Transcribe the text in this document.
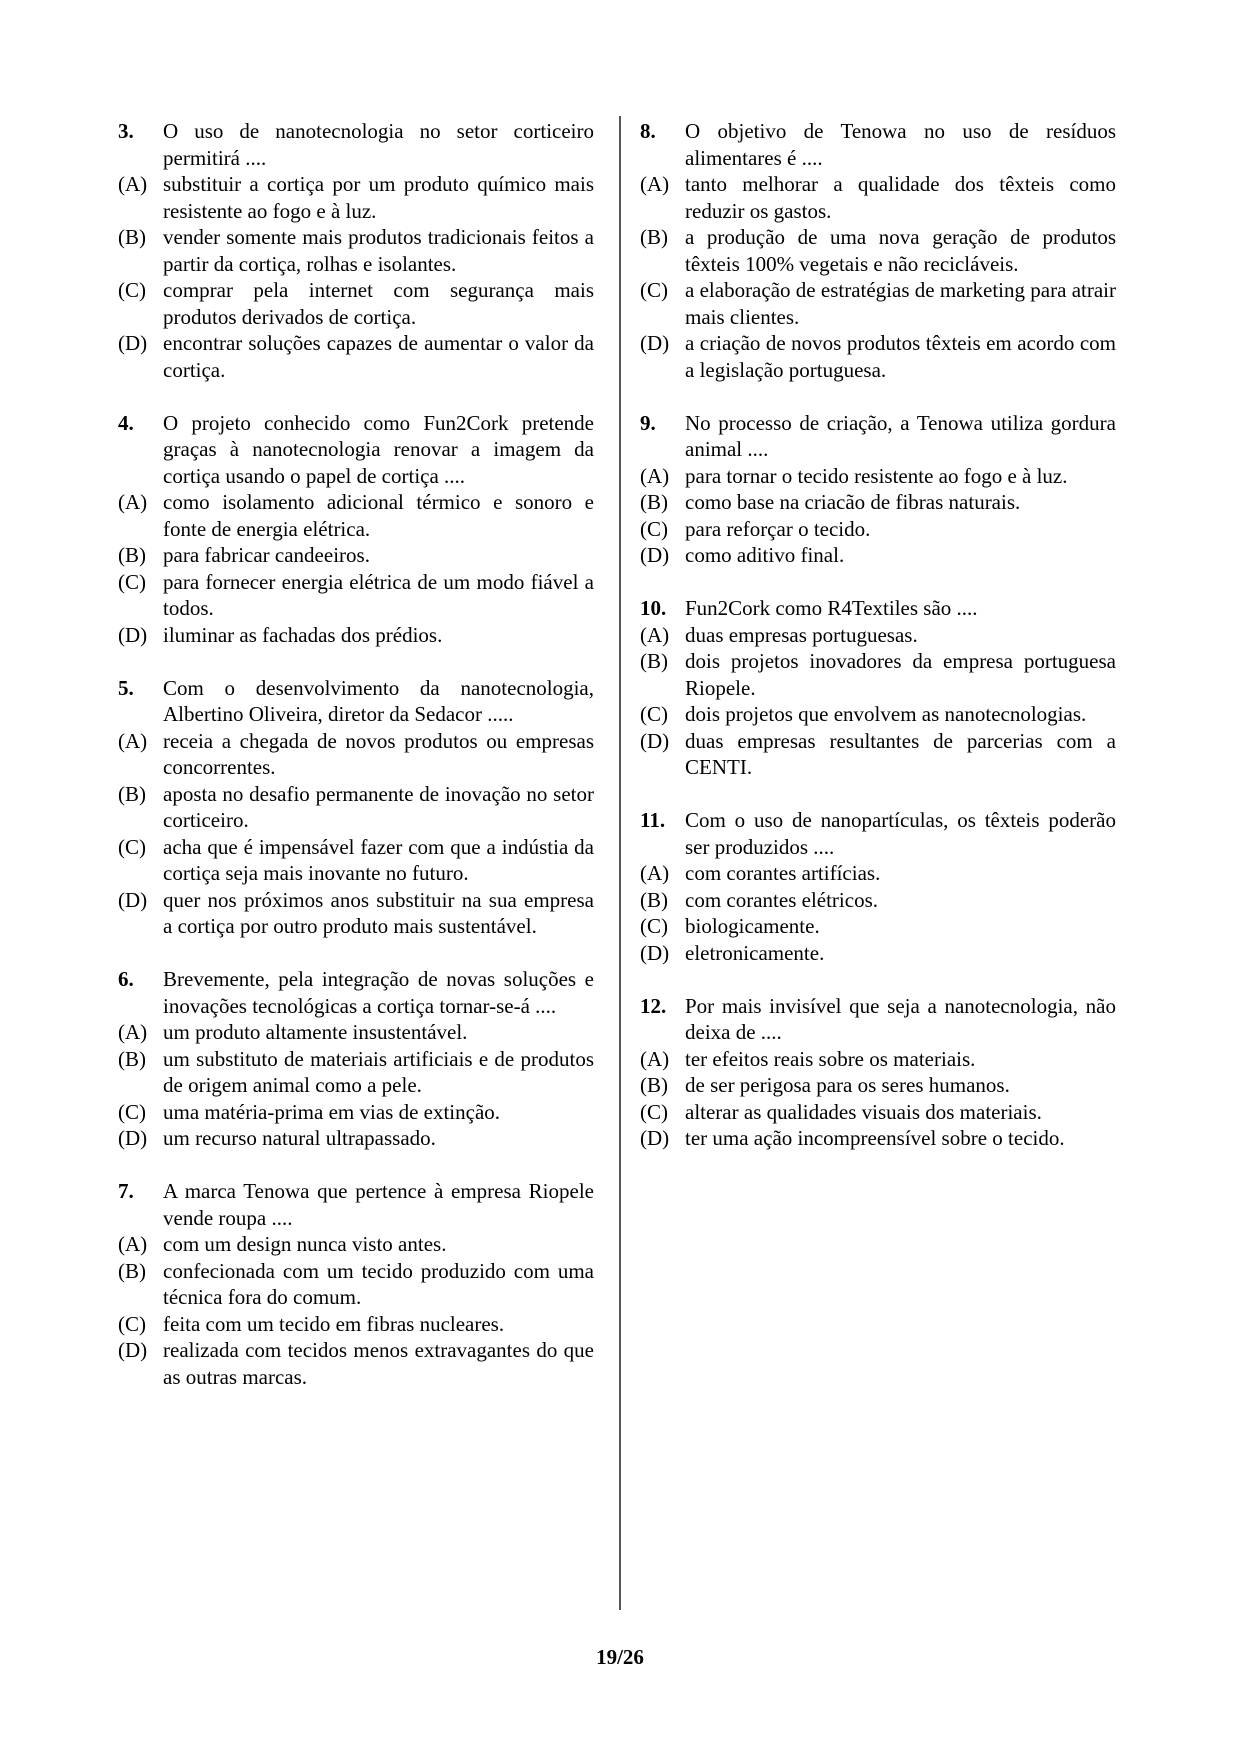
3.	O uso de nanotecnologia no setor corticeiro permitirá ....
(A) substituir a cortiça por um produto químico mais resistente ao fogo e à luz.
(B) vender somente mais produtos tradicionais feitos a partir da cortiça, rolhas e isolantes.
(C) comprar pela internet com segurança mais produtos derivados de cortiça.
(D) encontrar soluções capazes de aumentar o valor da cortiça.
4.	O projeto conhecido como Fun2Cork pretende graças à nanotecnologia renovar a imagem da cortiça usando o papel de cortiça ....
(A) como isolamento adicional térmico e sonoro e fonte de energia elétrica.
(B) para fabricar candeeiros.
(C) para fornecer energia elétrica de um modo fiável a todos.
(D) iluminar as fachadas dos prédios.
5.	Com o desenvolvimento da nanotecnologia, Albertino Oliveira, diretor da Sedacor .....
(A) receia a chegada de novos produtos ou empresas concorrentes.
(B) aposta no desafio permanente de inovação no setor corticeiro.
(C) acha que é impensável fazer com que a indústia da cortiça seja mais inovante no futuro.
(D) quer nos próximos anos substituir na sua empresa a cortiça por outro produto mais sustentável.
6.	Brevemente, pela integração de novas soluções e inovações tecnológicas a cortiça tornar-se-á ....
(A) um produto altamente insustentável.
(B) um substituto de materiais artificiais e de produtos de origem animal como a pele.
(C) uma matéria-prima em vias de extinção.
(D) um recurso natural ultrapassado.
7.	A marca Tenowa que pertence à empresa Riopele vende roupa ....
(A) com um design nunca visto antes.
(B) confecionada com um tecido produzido com uma técnica fora do comum.
(C) feita com um tecido em fibras nucleares.
(D) realizada com tecidos menos extravagantes do que as outras marcas.
8.	O objetivo de Tenowa no uso de resíduos alimentares é ....
(A) tanto melhorar a qualidade dos têxteis como reduzir os gastos.
(B) a produção de uma nova geração de produtos têxteis 100% vegetais e não recicláveis.
(C) a elaboração de estratégias de marketing para atrair mais clientes.
(D) a criação de novos produtos têxteis em acordo com a legislação portuguesa.
9.	No processo de criação, a Tenowa utiliza gordura animal ....
(A) para tornar o tecido resistente ao fogo e à luz.
(B) como base na criacão de fibras naturais.
(C) para reforçar o tecido.
(D) como aditivo final.
10. Fun2Cork como R4Textiles são ....
(A) duas empresas portuguesas.
(B) dois projetos inovadores da empresa portuguesa Riopele.
(C) dois projetos que envolvem as nanotecnologias.
(D) duas empresas resultantes de parcerias com a CENTI.
11. Com o uso de nanopartículas, os têxteis poderão ser produzidos ....
(A) com corantes artifícias.
(B) com corantes elétricos.
(C) biologicamente.
(D) eletronicamente.
12. Por mais invisível que seja a nanotecnologia, não deixa de ....
(A) ter efeitos reais sobre os materiais.
(B) de ser perigosa para os seres humanos.
(C) alterar as qualidades visuais dos materiais.
(D) ter uma ação incompreensível sobre o tecido.
19/26
